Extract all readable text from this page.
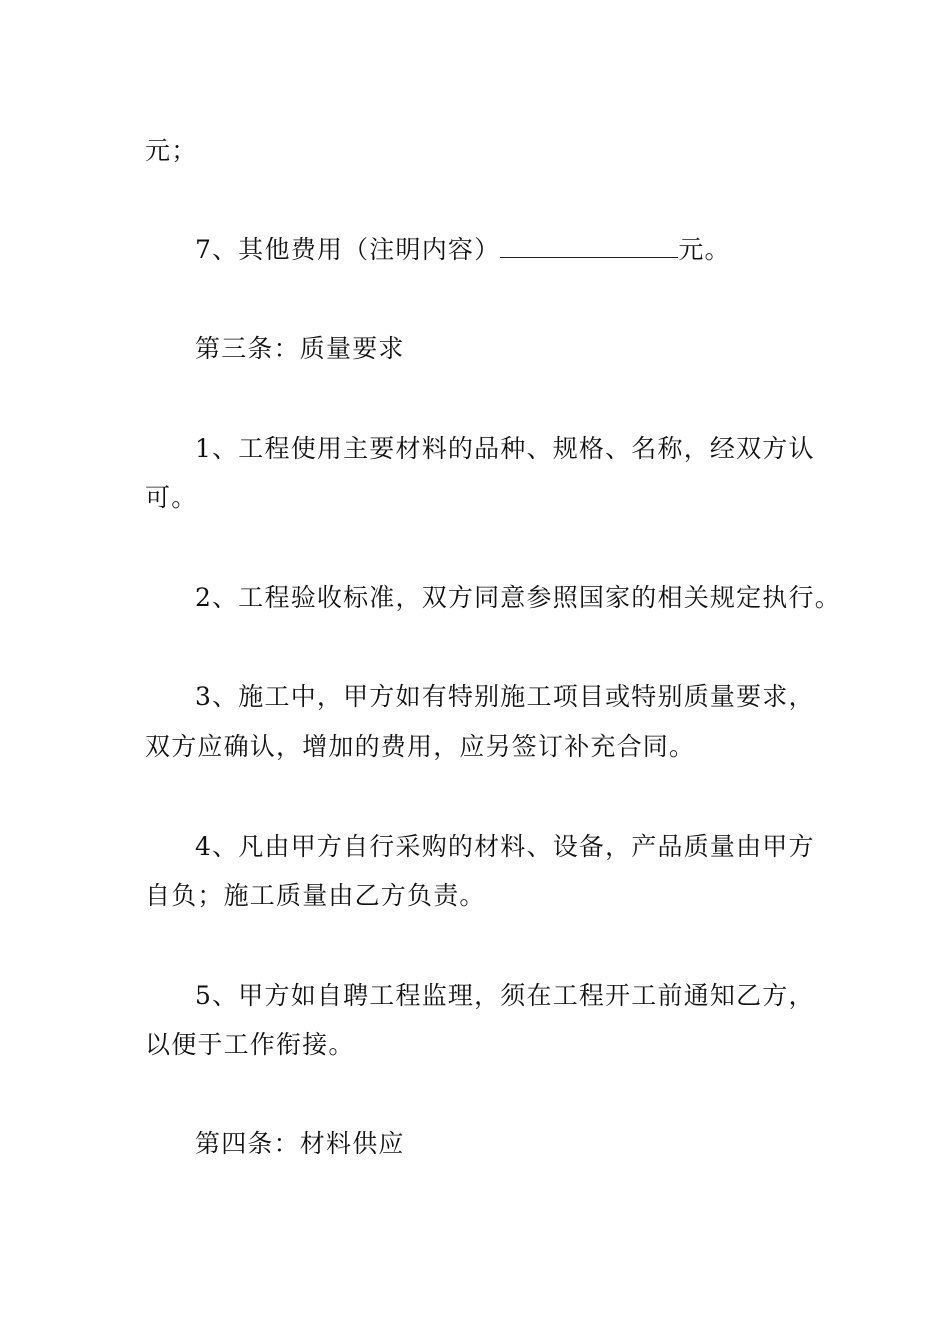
元；
7、其他费用（注明内容）	元。
第三条：质量要求
1、工程使用主要材料的品种、规格、名称，经双方认
可。
2、工程验收标准，双方同意参照国家的相关规定执行。
3、施工中，甲方如有特别施工项目或特别质量要求，
双方应确认，增加的费用，应另签订补充合同。
4、凡由甲方自行采购的材料、设备，产品质量由甲方
自负；施工质量由乙方负责。
5、甲方如自聘工程监理，须在工程开工前通知乙方，
以便于工作衔接。
第四条：材料供应
